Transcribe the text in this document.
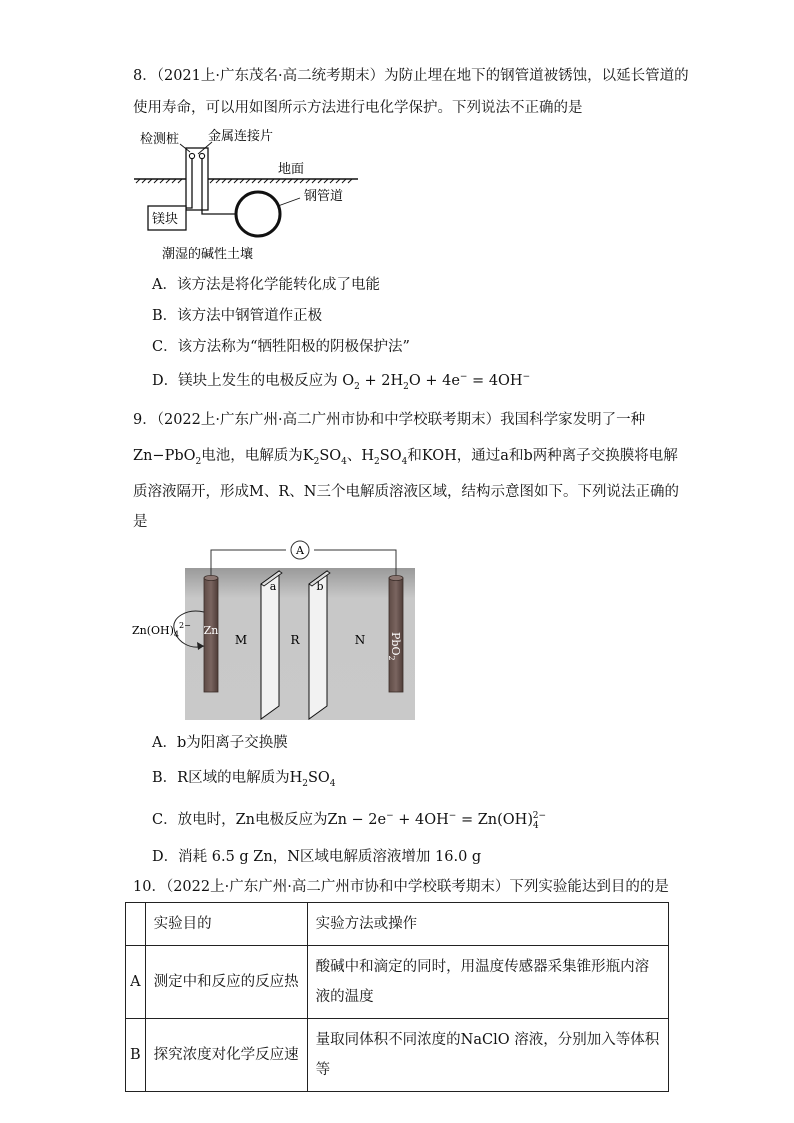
8．（2021上·广东茂名·高二统考期末）为防止埋在地下的钢管道被锈蚀，以延长管道的
使用寿命，可以用如图所示方法进行电化学保护。下列说法不正确的是
检测桩 金属连接片
地面
钢管道
镁块
潮湿的碱性土壤
A．该方法是将化学能转化成了电能
B．该方法中钢管道作正极
C．该方法称为“牺牲阳极的阴极保护法”
D．镁块上发生的电极反应为 $O_2 + 2H_2O + 4e^- = 4OH^-$
9．（2022上·广东广州·高二广州市协和中学校联考期末）我国科学家发明了一种
Zn−PbO$_2$电池，电解质为$K_2SO_4$、$H_2SO_4$和KOH，通过a和b两种离子交换膜将电解
质溶液隔开，形成M、R、N三个电解质溶液区域，结构示意图如下。下列说法正确的
是
A
Zn
PbO$_2$
a	b
M	R	N
$Zn(OH)_4^{2-}$
A．b为阳离子交换膜
B．R区域的电解质为$H_2SO_4$
C．放电时，Zn电极反应为$Zn - 2e^- + 4OH^- = Zn(OH)_4^{2-}$
D．消耗 6.5 g Zn，N区域电解质溶液增加 16.0 g
10．（2022上·广东广州·高二广州市协和中学校联考期末）下列实验能达到目的的是
	实验目的	实验方法或操作
A	测定中和反应的反应热	酸碱中和滴定的同时，用温度传感器采集锥形瓶内溶液的温度
B	探究浓度对化学反应速	量取同体积不同浓度的NaClO 溶液，分别加入等体积等
